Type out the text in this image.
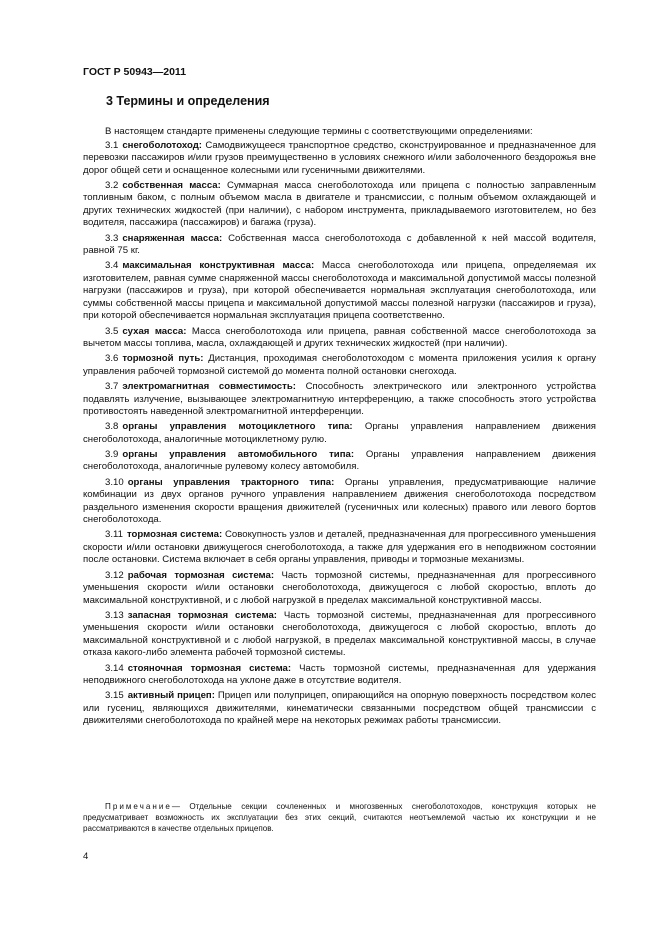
ГОСТ Р 50943—2011
3 Термины и определения

В настоящем стандарте применены следующие термины с соответствующими определениями:

3.1 снегоболотоход: Самодвижущееся транспортное средство, сконструированное и предназначенное для перевозки пассажиров и/или грузов преимущественно в условиях снежного и/или заболоченного бездорожья вне дорог общей сети и оснащенное колесными или гусеничными движителями.

3.2 собственная масса: Суммарная масса снегоболотохода или прицепа с полностью заправленным топливным баком, с полным объемом масла в двигателе и трансмиссии, с полным объемом охлаждающей и других технических жидкостей (при наличии), с набором инструмента, прикладываемого изготовителем, но без водителя, пассажира (пассажиров) и багажа (груза).

3.3 снаряженная масса: Собственная масса снегоболотохода с добавленной к ней массой водителя, равной 75 кг.

3.4 максимальная конструктивная масса: Масса снегоболотохода или прицепа, определяемая их изготовителем, равная сумме снаряженной массы снегоболотохода и максимальной допустимой массы полезной нагрузки (пассажиров и груза), при которой обеспечивается нормальная эксплуатация снегоболотохода, или суммы собственной массы прицепа и максимальной допустимой массы полезной нагрузки (пассажиров и груза), при которой обеспечивается нормальная эксплуатация прицепа соответственно.

3.5 сухая масса: Масса снегоболотохода или прицепа, равная собственной массе снегоболотохода за вычетом массы топлива, масла, охлаждающей и других технических жидкостей (при наличии).

3.6 тормозной путь: Дистанция, проходимая снегоболотоходом с момента приложения усилия к органу управления рабочей тормозной системой до момента полной остановки снегохода.

3.7 электромагнитная совместимость: Способность электрического или электронного устройства подавлять излучение, вызывающее электромагнитную интерференцию, а также способность этого устройства противостоять наведенной электромагнитной интерференции.

3.8 органы управления мотоциклетного типа: Органы управления направлением движения снегоболотохода, аналогичные мотоциклетному рулю.

3.9 органы управления автомобильного типа: Органы управления направлением движения снегоболотохода, аналогичные рулевому колесу автомобиля.

3.10 органы управления тракторного типа: Органы управления, предусматривающие наличие комбинации из двух органов ручного управления направлением движения снегоболотохода посредством раздельного изменения скорости вращения движителей (гусеничных или колесных) правого или левого бортов снегоболотохода.

3.11 тормозная система: Совокупность узлов и деталей, предназначенная для прогрессивного уменьшения скорости и/или остановки движущегося снегоболотохода, а также для удержания его в неподвижном состоянии после остановки. Система включает в себя органы управления, приводы и тормозные механизмы.

3.12 рабочая тормозная система: Часть тормозной системы, предназначенная для прогрессивного уменьшения скорости и/или остановки снегоболотохода, движущегося с любой скоростью, вплоть до максимальной конструктивной, и с любой нагрузкой в пределах максимальной конструктивной массы.

3.13 запасная тормозная система: Часть тормозной системы, предназначенная для прогрессивного уменьшения скорости и/или остановки снегоболотохода, движущегося с любой скоростью, вплоть до максимальной конструктивной и с любой нагрузкой, в пределах максимальной конструктивной массы, в случае отказа какого-либо элемента рабочей тормозной системы.

3.14 стояночная тормозная система: Часть тормозной системы, предназначенная для удержания неподвижного снегоболотохода на уклоне даже в отсутствие водителя.

3.15 активный прицеп: Прицеп или полуприцеп, опирающийся на опорную поверхность посредством колес или гусениц, являющихся движителями, кинематически связанными посредством общей трансмиссии с движителями снегоболотохода по крайней мере на некоторых режимах работы трансмиссии.

Примечание— Отдельные секции сочлененных и многозвенных снегоболотоходов, конструкция которых не предусматривает возможность их эксплуатации без этих секций, считаются неотъемлемой частью их конструкции и не рассматриваются в качестве отдельных прицепов.
4
